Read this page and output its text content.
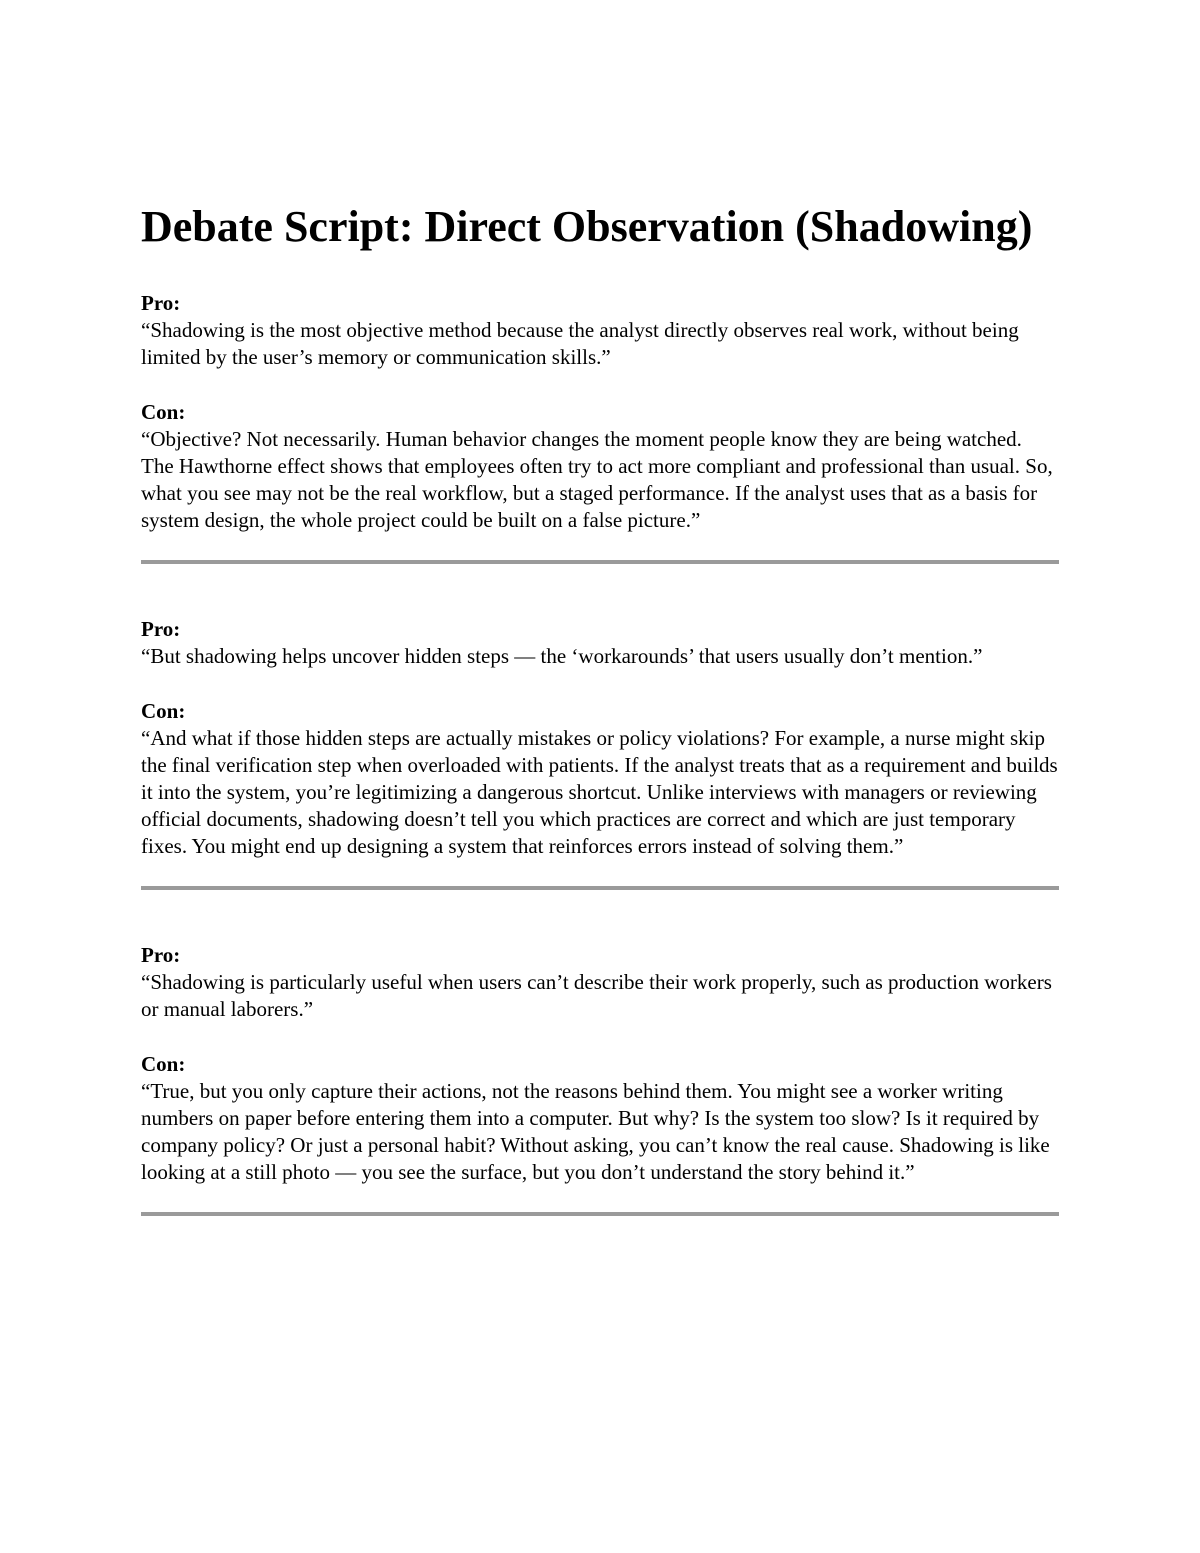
Debate Script: Direct Observation (Shadowing)

Pro:

“Shadowing is the most objective method because the analyst directly observes real work, without being limited by the user’s memory or communication skills.”

Con:

“Objective? Not necessarily. Human behavior changes the moment people know they are being watched. The Hawthorne effect shows that employees often try to act more compliant and professional than usual. So, what you see may not be the real workflow, but a staged performance. If the analyst uses that as a basis for system design, the whole project could be built on a false picture.”

Pro:

“But shadowing helps uncover hidden steps — the ‘workarounds’ that users usually don’t mention.”

Con:

“And what if those hidden steps are actually mistakes or policy violations? For example, a nurse might skip the final verification step when overloaded with patients. If the analyst treats that as a requirement and builds it into the system, you’re legitimizing a dangerous shortcut. Unlike interviews with managers or reviewing official documents, shadowing doesn’t tell you which practices are correct and which are just temporary fixes. You might end up designing a system that reinforces errors instead of solving them.”

Pro:

“Shadowing is particularly useful when users can’t describe their work properly, such as production workers or manual laborers.”

Con:

“True, but you only capture their actions, not the reasons behind them. You might see a worker writing numbers on paper before entering them into a computer. But why? Is the system too slow? Is it required by company policy? Or just a personal habit? Without asking, you can’t know the real cause. Shadowing is like looking at a still photo — you see the surface, but you don’t understand the story behind it.”
